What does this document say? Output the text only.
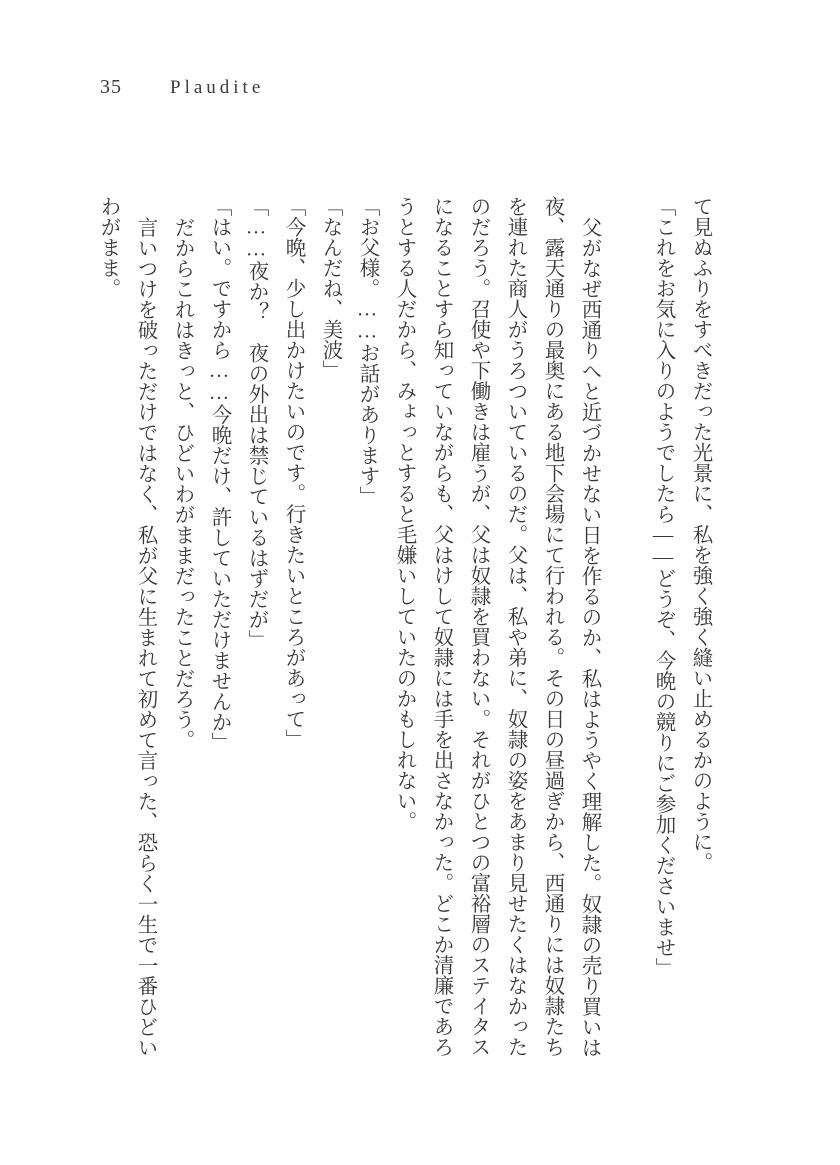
35	Plaudite

て見ぬふりをすべきだった光景に、私を強く強く縫い止めるかのように。

「これをお気に入りのようでしたら――どうぞ、今晩の競りにご参加くださいませ」

父がなぜ西通りへと近づかせない日を作るのか、私はようやく理解した。奴隷の売り買いは夜、露天通りの最奥にある地下会場にて行われる。その日の昼過ぎから、西通りには奴隷たちを連れた商人がうろついているのだ。父は、私や弟に、奴隷の姿をあまり見せたくはなかったのだろう。召使や下働きは雇うが、父は奴隷を買わない。それがひとつの富裕層のステイタスになることすら知っていながらも、父はけして奴隷には手を出さなかった。どこか清廉であろうとする人だから、みょっとすると毛嫌いしていたのかもしれない。

「お父様。……お話があります」

「なんだね、美波」

「今晩、少し出かけたいのです。行きたいところがあって」

「……夜か？　夜の外出は禁じているはずだが」

「はい。ですから……今晩だけ、許していただけませんか」

だからこれはきっと、ひどいわがままだったことだろう。

言いつけを破っただけではなく、私が父に生まれて初めて言った、恐らく一生で一番ひどいわがまま。
